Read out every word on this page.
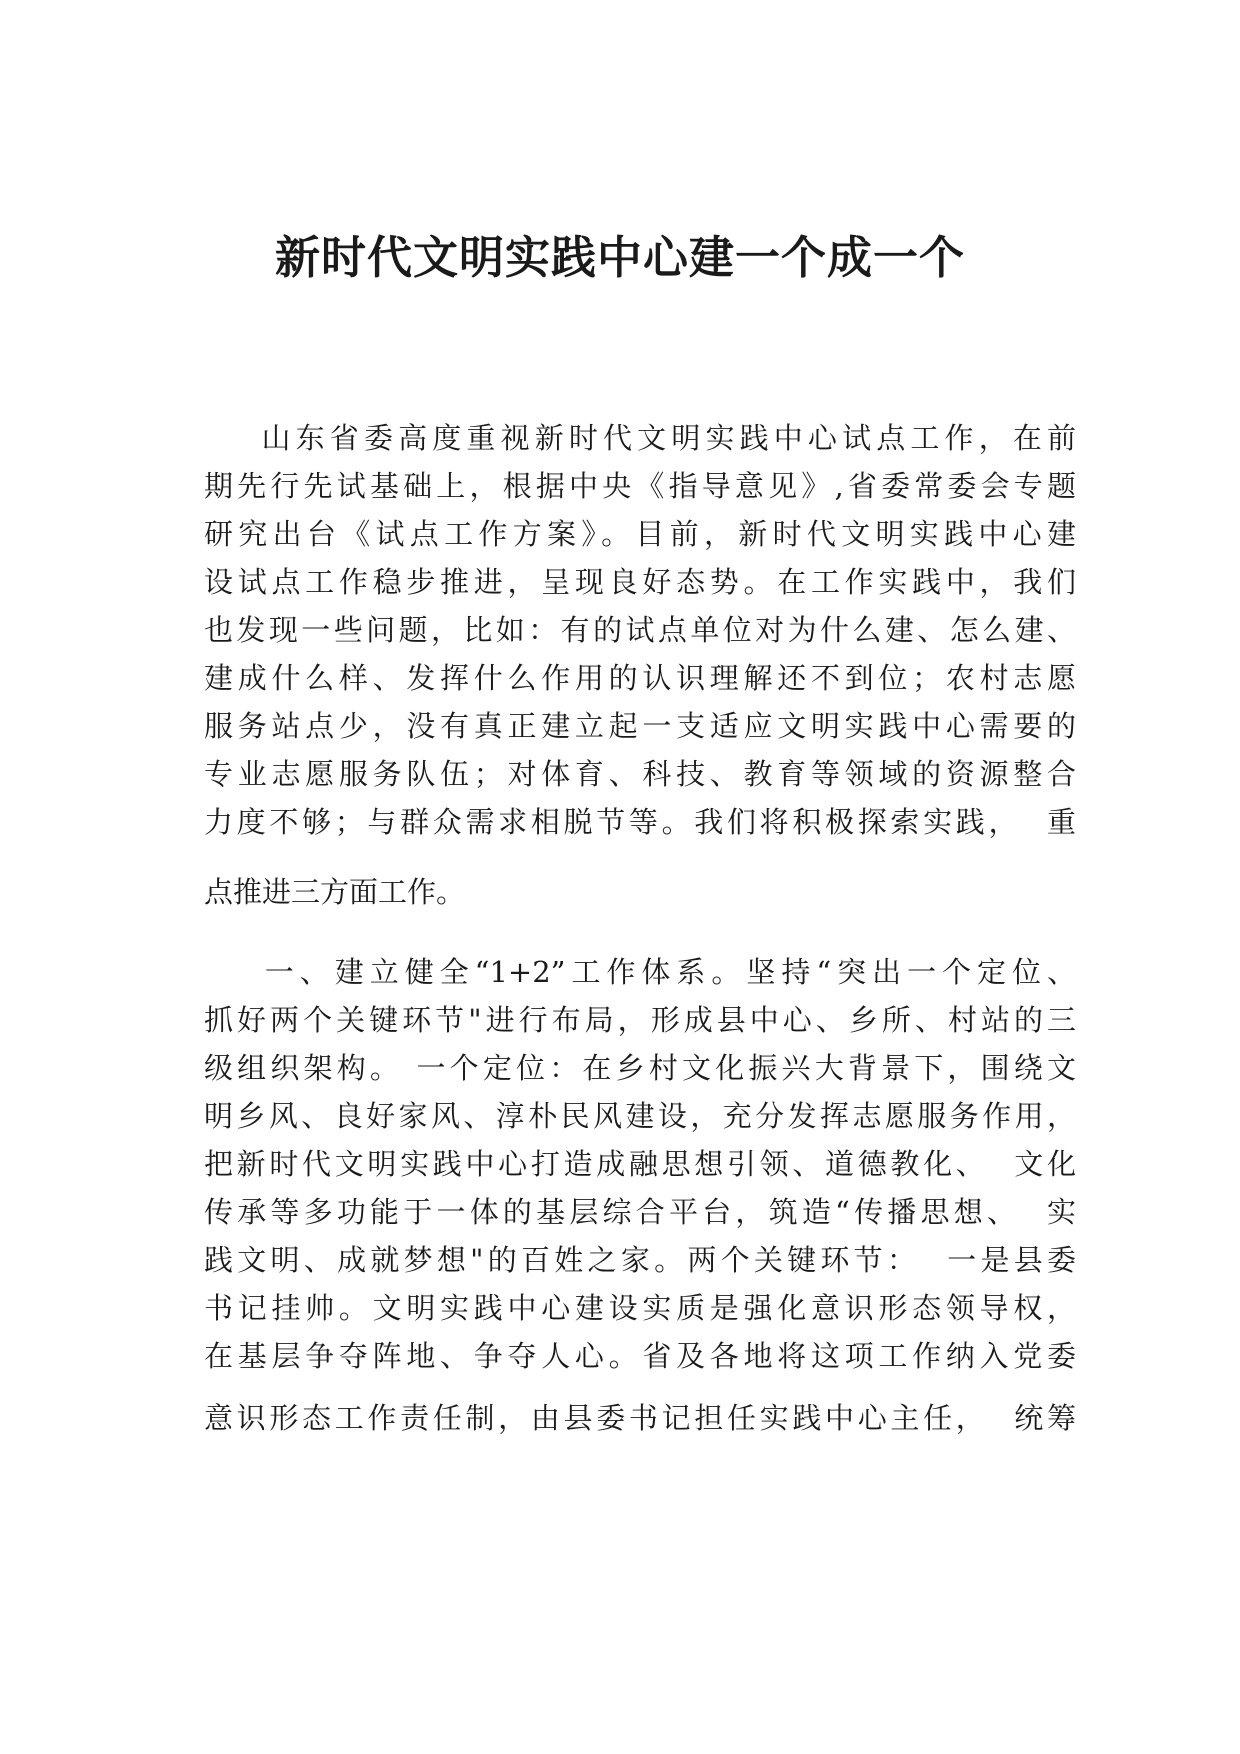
新时代文明实践中心建一个成一个
山东省委高度重视新时代文明实践中心试点工作，在前
期先行先试基础上，根据中央《指导意见》,省委常委会专题
研究出台《试点工作方案》。目前，新时代文明实践中心建
设试点工作稳步推进，呈现良好态势。在工作实践中，我们
也发现一些问题，比如：有的试点单位对为什么建、怎么建、
建成什么样、发挥什么作用的认识理解还不到位；农村志愿
服务站点少，没有真正建立起一支适应文明实践中心需要的
专业志愿服务队伍；对体育、科技、教育等领域的资源整合
力度不够；与群众需求相脱节等。我们将积极探索实践，  重
点推进三方面工作。
一、建立健全“1+2”工作体系。坚持“突出一个定位、
抓好两个关键环节"进行布局，形成县中心、乡所、村站的三
级组织架构。 一个定位：在乡村文化振兴大背景下，围绕文
明乡风、良好家风、淳朴民风建设，充分发挥志愿服务作用，
把新时代文明实践中心打造成融思想引领、道德教化、  文化
传承等多功能于一体的基层综合平台，筑造“传播思想、  实
践文明、成就梦想"的百姓之家。两个关键环节：  一是县委
书记挂帅。文明实践中心建设实质是强化意识形态领导权，
在基层争夺阵地、争夺人心。省及各地将这项工作纳入党委
意识形态工作责任制，由县委书记担任实践中心主任，  统筹
